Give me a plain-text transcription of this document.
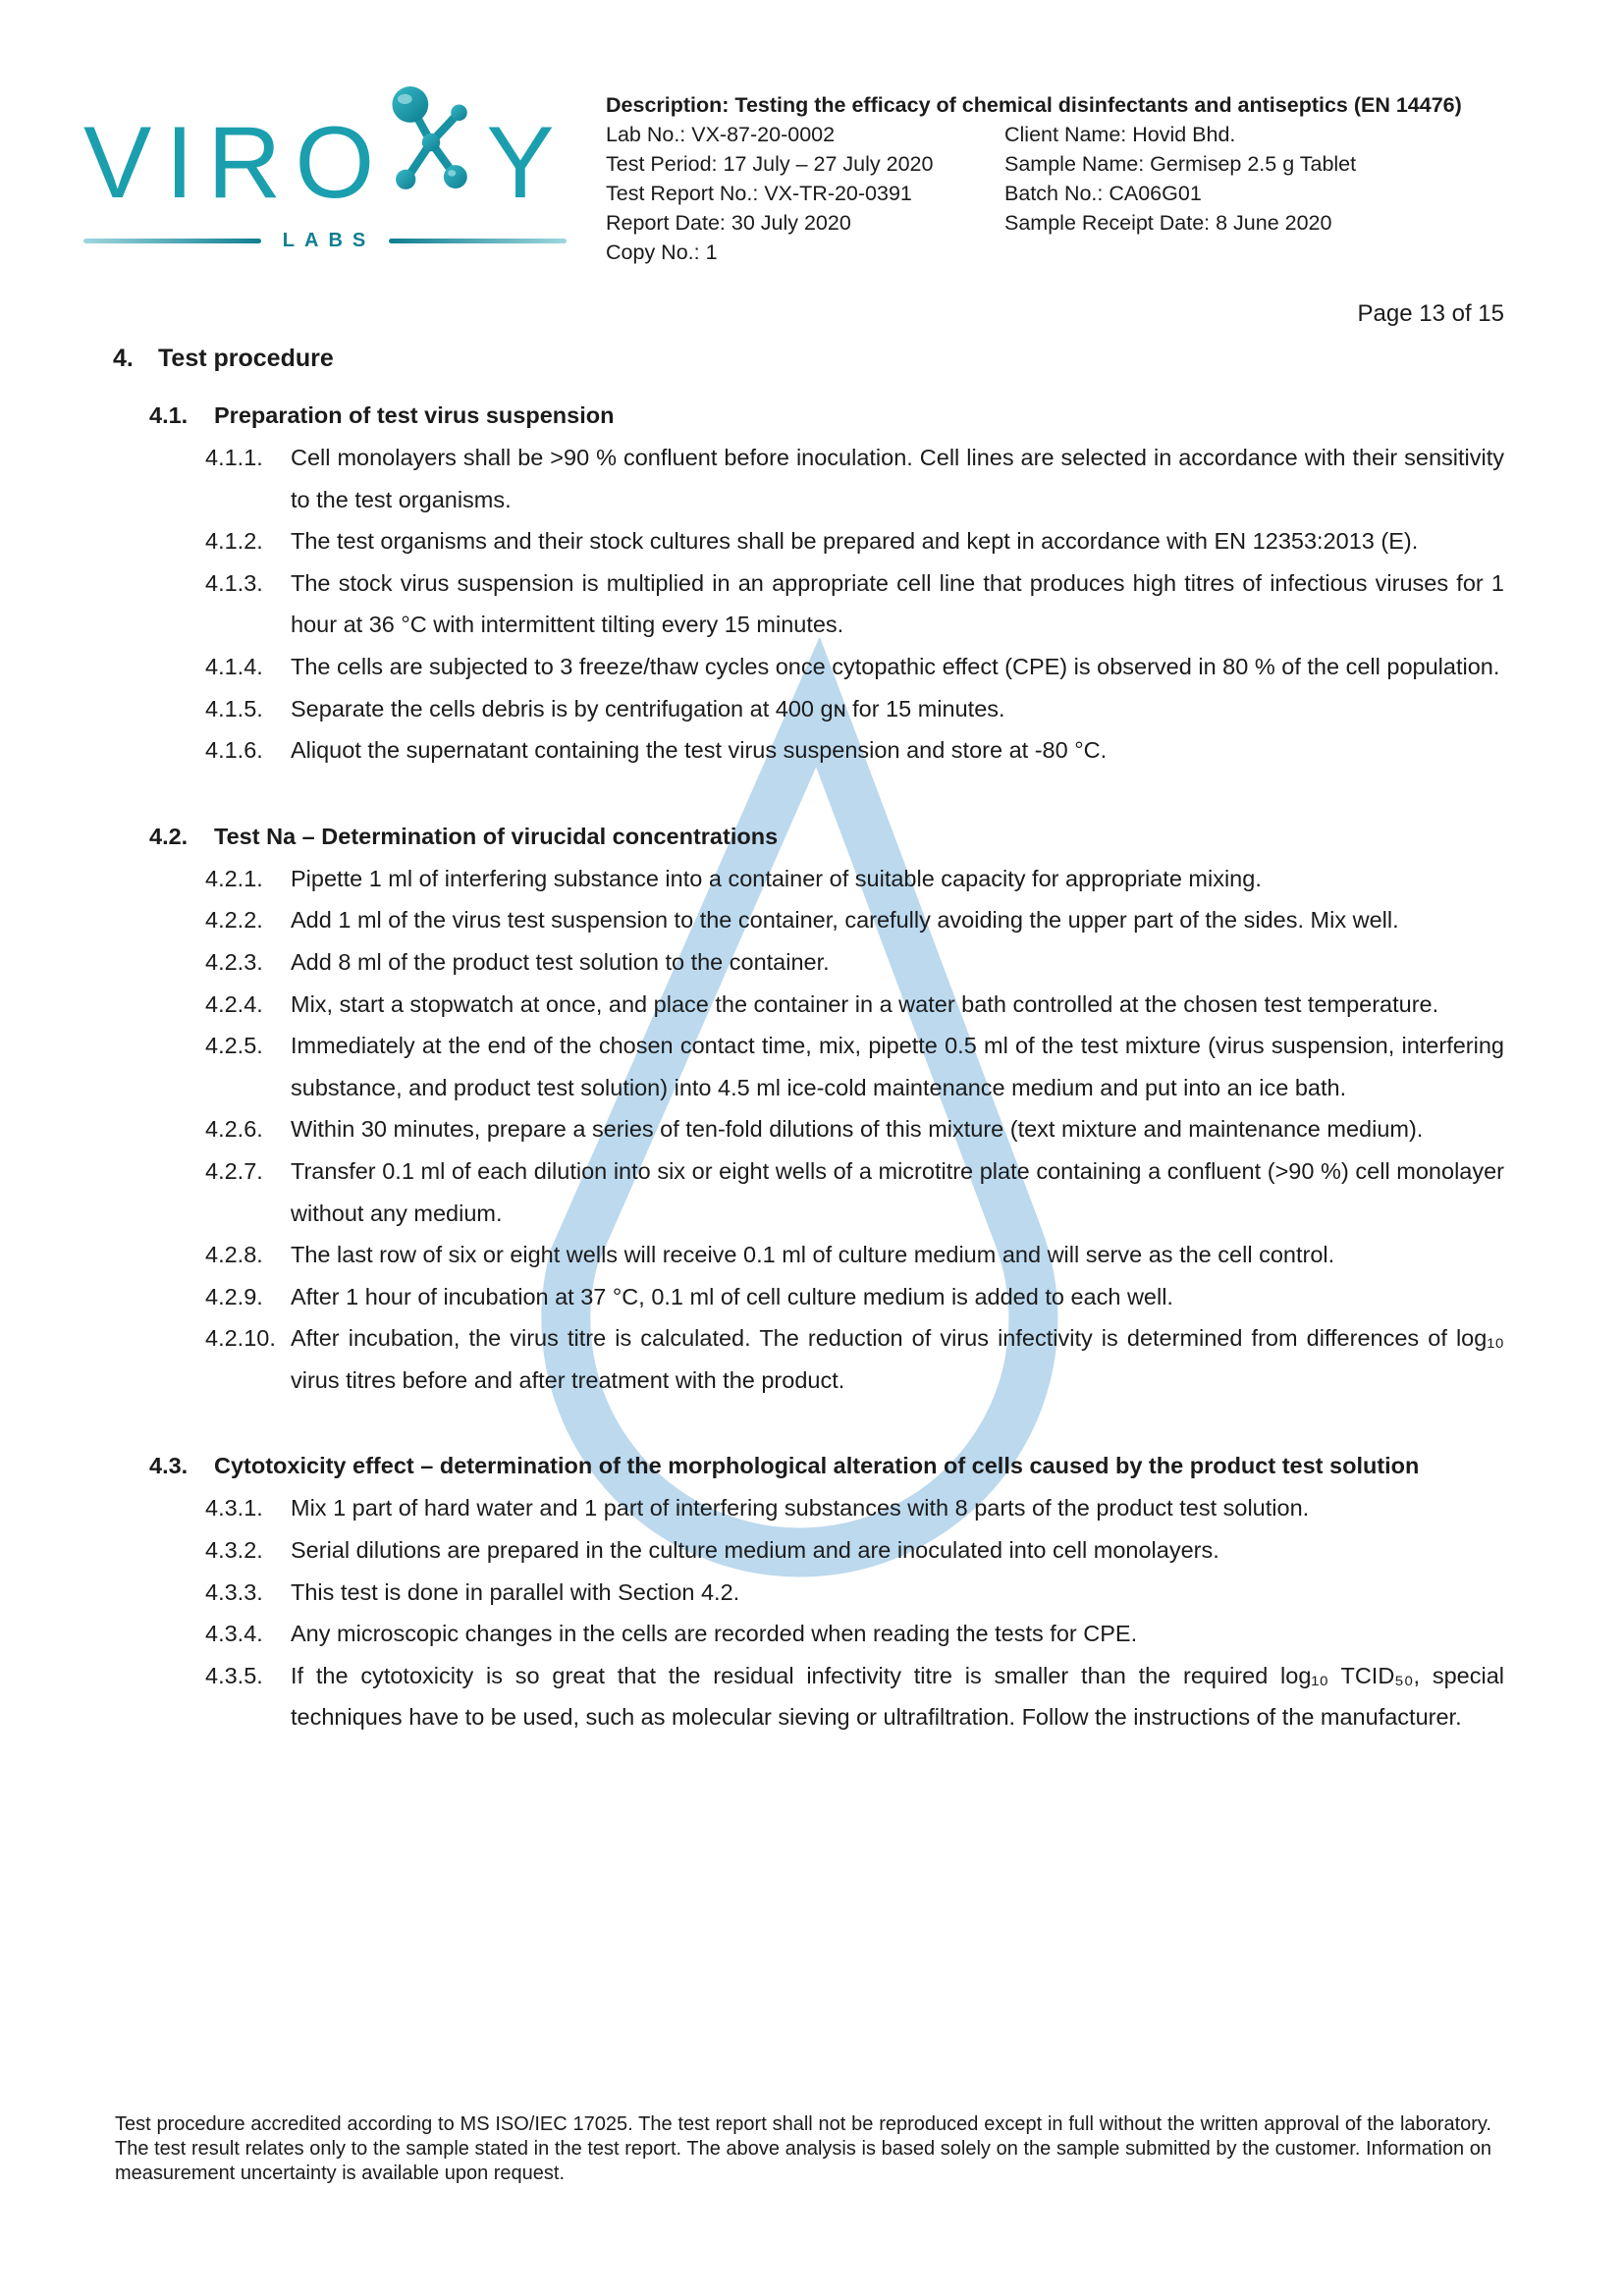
VIRO Y
LABS
Description: Testing the efficacy of chemical disinfectants and antiseptics (EN 14476)
Lab No.: VX-87-20-0002
Test Period: 17 July – 27 July 2020
Test Report No.: VX-TR-20-0391
Report Date: 30 July 2020
Copy No.: 1
Client Name: Hovid Bhd.
Sample Name: Germisep 2.5 g Tablet
Batch No.: CA06G01
Sample Receipt Date: 8 June 2020
Page 13 of 15
4. Test procedure
4.1. Preparation of test virus suspension
4.1.1.	Cell monolayers shall be >90 % confluent before inoculation. Cell lines are selected in accordance with their sensitivity to the test organisms.
4.1.2.	The test organisms and their stock cultures shall be prepared and kept in accordance with EN 12353:2013 (E).
4.1.3.	The stock virus suspension is multiplied in an appropriate cell line that produces high titres of infectious viruses for 1 hour at 36 °C with intermittent tilting every 15 minutes.
4.1.4.	The cells are subjected to 3 freeze/thaw cycles once cytopathic effect (CPE) is observed in 80 % of the cell population.
4.1.5.	Separate the cells debris is by centrifugation at 400 gɴ for 15 minutes.
4.1.6.	Aliquot the supernatant containing the test virus suspension and store at -80 °C.
4.2. Test Na – Determination of virucidal concentrations
4.2.1.	Pipette 1 ml of interfering substance into a container of suitable capacity for appropriate mixing.
4.2.2.	Add 1 ml of the virus test suspension to the container, carefully avoiding the upper part of the sides. Mix well.
4.2.3.	Add 8 ml of the product test solution to the container.
4.2.4.	Mix, start a stopwatch at once, and place the container in a water bath controlled at the chosen test temperature.
4.2.5.	Immediately at the end of the chosen contact time, mix, pipette 0.5 ml of the test mixture (virus suspension, interfering substance, and product test solution) into 4.5 ml ice-cold maintenance medium and put into an ice bath.
4.2.6.	Within 30 minutes, prepare a series of ten-fold dilutions of this mixture (text mixture and maintenance medium).
4.2.7.	Transfer 0.1 ml of each dilution into six or eight wells of a microtitre plate containing a confluent (>90 %) cell monolayer without any medium.
4.2.8.	The last row of six or eight wells will receive 0.1 ml of culture medium and will serve as the cell control.
4.2.9.	After 1 hour of incubation at 37 °C, 0.1 ml of cell culture medium is added to each well.
4.2.10. After incubation, the virus titre is calculated. The reduction of virus infectivity is determined from differences of log₁₀ virus titres before and after treatment with the product.
4.3. Cytotoxicity effect – determination of the morphological alteration of cells caused by the product test solution
4.3.1.	Mix 1 part of hard water and 1 part of interfering substances with 8 parts of the product test solution.
4.3.2.	Serial dilutions are prepared in the culture medium and are inoculated into cell monolayers.
4.3.3.	This test is done in parallel with Section 4.2.
4.3.4.	Any microscopic changes in the cells are recorded when reading the tests for CPE.
4.3.5.	If the cytotoxicity is so great that the residual infectivity titre is smaller than the required log₁₀ TCID₅₀, special techniques have to be used, such as molecular sieving or ultrafiltration. Follow the instructions of the manufacturer.
Test procedure accredited according to MS ISO/IEC 17025. The test report shall not be reproduced except in full without the written approval of the laboratory. The test result relates only to the sample stated in the test report. The above analysis is based solely on the sample submitted by the customer. Information on measurement uncertainty is available upon request.
